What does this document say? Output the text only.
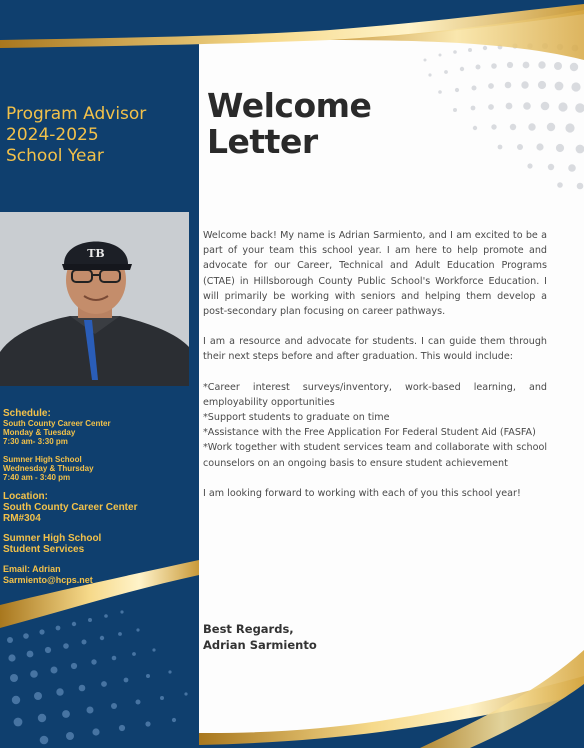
Program Advisor
2024-2025
School Year
TB
Schedule:
South County Career Center
Monday & Tuesday
7:30 am- 3:30 pm
Sumner High School
Wednesday & Thursday
7:40 am - 3:40 pm
Location:
South County Career Center
RM#304
Sumner High School
Student Services
Email: Adrian
Sarmiento@hcps.net
Welcome
Letter

Welcome back! My name is Adrian Sarmiento, and I am excited to be a part of your team this school year. I am here to help promote and advocate for our Career, Technical and Adult Education Programs (CTAE) in Hillsborough County Public School's Workforce Education. I will primarily be working with seniors and helping them develop a post-secondary plan focusing on career pathways.

I am a resource and advocate for students. I can guide them through their next steps before and after graduation. This would include:

*Career interest surveys/inventory, work-based learning, and employability opportunities
*Support students to graduate on time
*Assistance with the Free Application For Federal Student Aid (FASFA)
*Work together with student services team and collaborate with school counselors on an ongoing basis to ensure student achievement

I am looking forward to working with each of you this school year!

Best Regards,
Adrian Sarmiento
